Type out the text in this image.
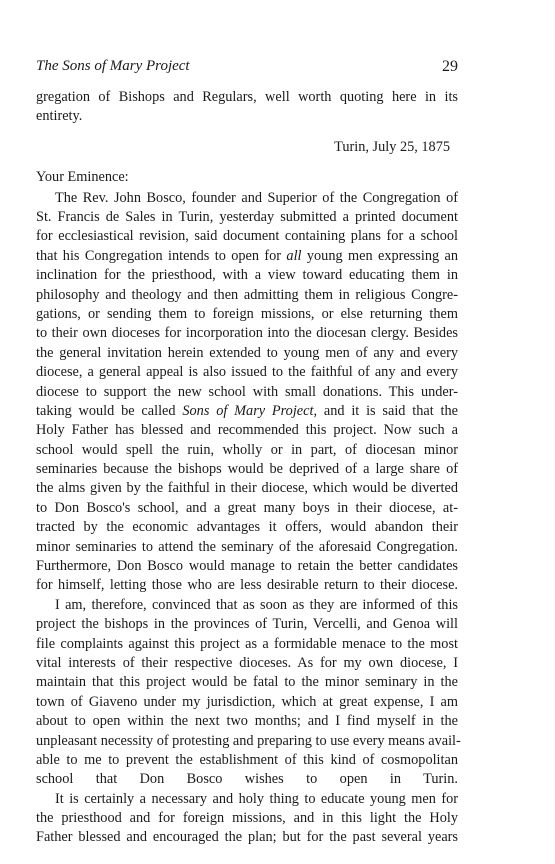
The Sons of Mary Project	29
gregation of Bishops and Regulars, well worth quoting here in its
entirety.
Turin, July 25, 1875
Your Eminence:
The Rev. John Bosco, founder and Superior of the Congregation of
St. Francis de Sales in Turin, yesterday submitted a printed document
for ecclesiastical revision, said document containing plans for a school
that his Congregation intends to open for all young men expressing an
inclination for the priesthood, with a view toward educating them in
philosophy and theology and then admitting them in religious Congre-
gations, or sending them to foreign missions, or else returning them
to their own dioceses for incorporation into the diocesan clergy. Besides
the general invitation herein extended to young men of any and every
diocese, a general appeal is also issued to the faithful of any and every
diocese to support the new school with small donations. This under-
taking would be called Sons of Mary Project, and it is said that the
Holy Father has blessed and recommended this project. Now such a
school would spell the ruin, wholly or in part, of diocesan minor
seminaries because the bishops would be deprived of a large share of
the alms given by the faithful in their diocese, which would be diverted
to Don Bosco's school, and a great many boys in their diocese, at-
tracted by the economic advantages it offers, would abandon their
minor seminaries to attend the seminary of the aforesaid Congregation.
Furthermore, Don Bosco would manage to retain the better candidates
for himself, letting those who are less desirable return to their diocese.
I am, therefore, convinced that as soon as they are informed of this
project the bishops in the provinces of Turin, Vercelli, and Genoa will
file complaints against this project as a formidable menace to the most
vital interests of their respective dioceses. As for my own diocese, I
maintain that this project would be fatal to the minor seminary in the
town of Giaveno under my jurisdiction, which at great expense, I am
about to open within the next two months; and I find myself in the
unpleasant necessity of protesting and preparing to use every means avail-
able to me to prevent the establishment of this kind of cosmopolitan
school that Don Bosco wishes to open in Turin.
It is certainly a necessary and holy thing to educate young men for
the priesthood and for foreign missions, and in this light the Holy
Father blessed and encouraged the plan; but for the past several years
